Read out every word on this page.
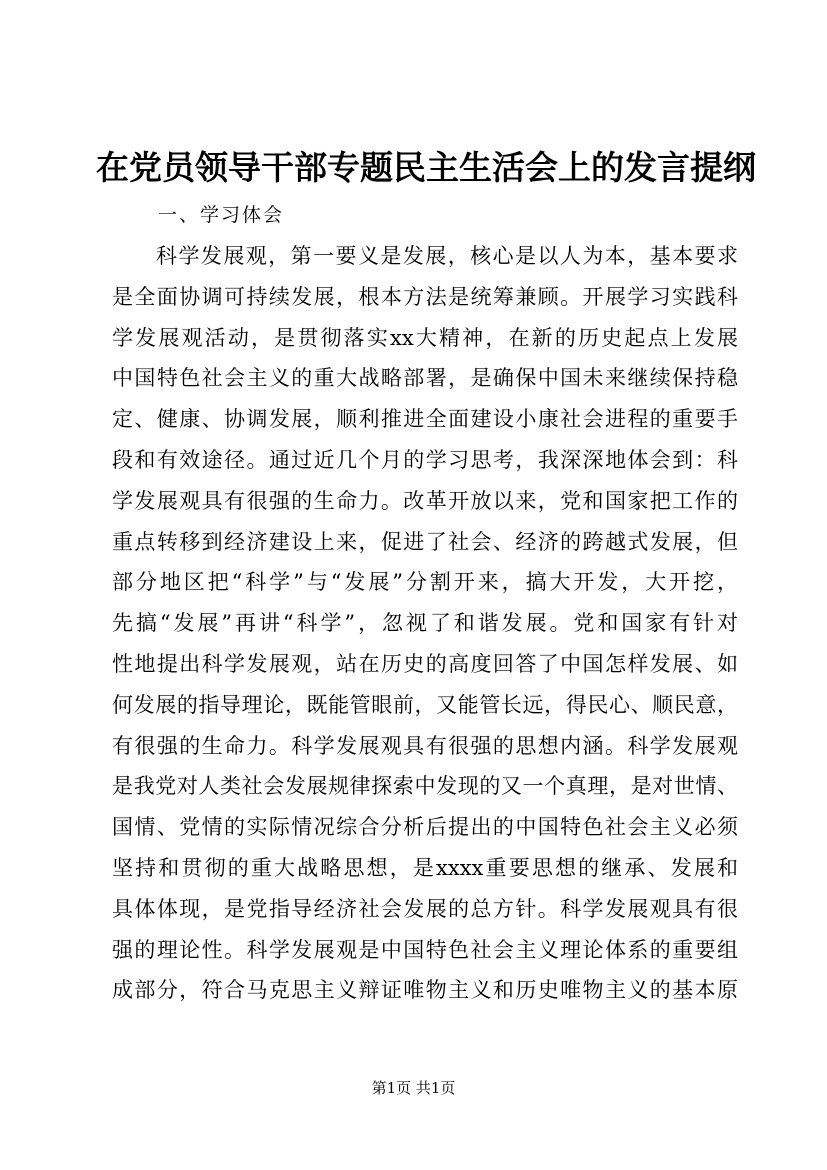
在党员领导干部专题民主生活会上的发言提纲
一、学习体会
科学发展观，第一要义是发展，核心是以人为本，基本要求
是全面协调可持续发展，根本方法是统筹兼顾。开展学习实践科
学发展观活动，是贯彻落实xx大精神，在新的历史起点上发展
中国特色社会主义的重大战略部署，是确保中国未来继续保持稳
定、健康、协调发展，顺利推进全面建设小康社会进程的重要手
段和有效途径。通过近几个月的学习思考，我深深地体会到：科
学发展观具有很强的生命力。改革开放以来，党和国家把工作的
重点转移到经济建设上来，促进了社会、经济的跨越式发展，但
部分地区把“科学”与“发展”分割开来，搞大开发，大开挖，
先搞“发展”再讲“科学”，忽视了和谐发展。党和国家有针对
性地提出科学发展观，站在历史的高度回答了中国怎样发展、如
何发展的指导理论，既能管眼前，又能管长远，得民心、顺民意，
有很强的生命力。科学发展观具有很强的思想内涵。科学发展观
是我党对人类社会发展规律探索中发现的又一个真理，是对世情、
国情、党情的实际情况综合分析后提出的中国特色社会主义必须
坚持和贯彻的重大战略思想，是xxxx重要思想的继承、发展和
具体体现，是党指导经济社会发展的总方针。科学发展观具有很
强的理论性。科学发展观是中国特色社会主义理论体系的重要组
成部分，符合马克思主义辩证唯物主义和历史唯物主义的基本原
第1页 共1页
